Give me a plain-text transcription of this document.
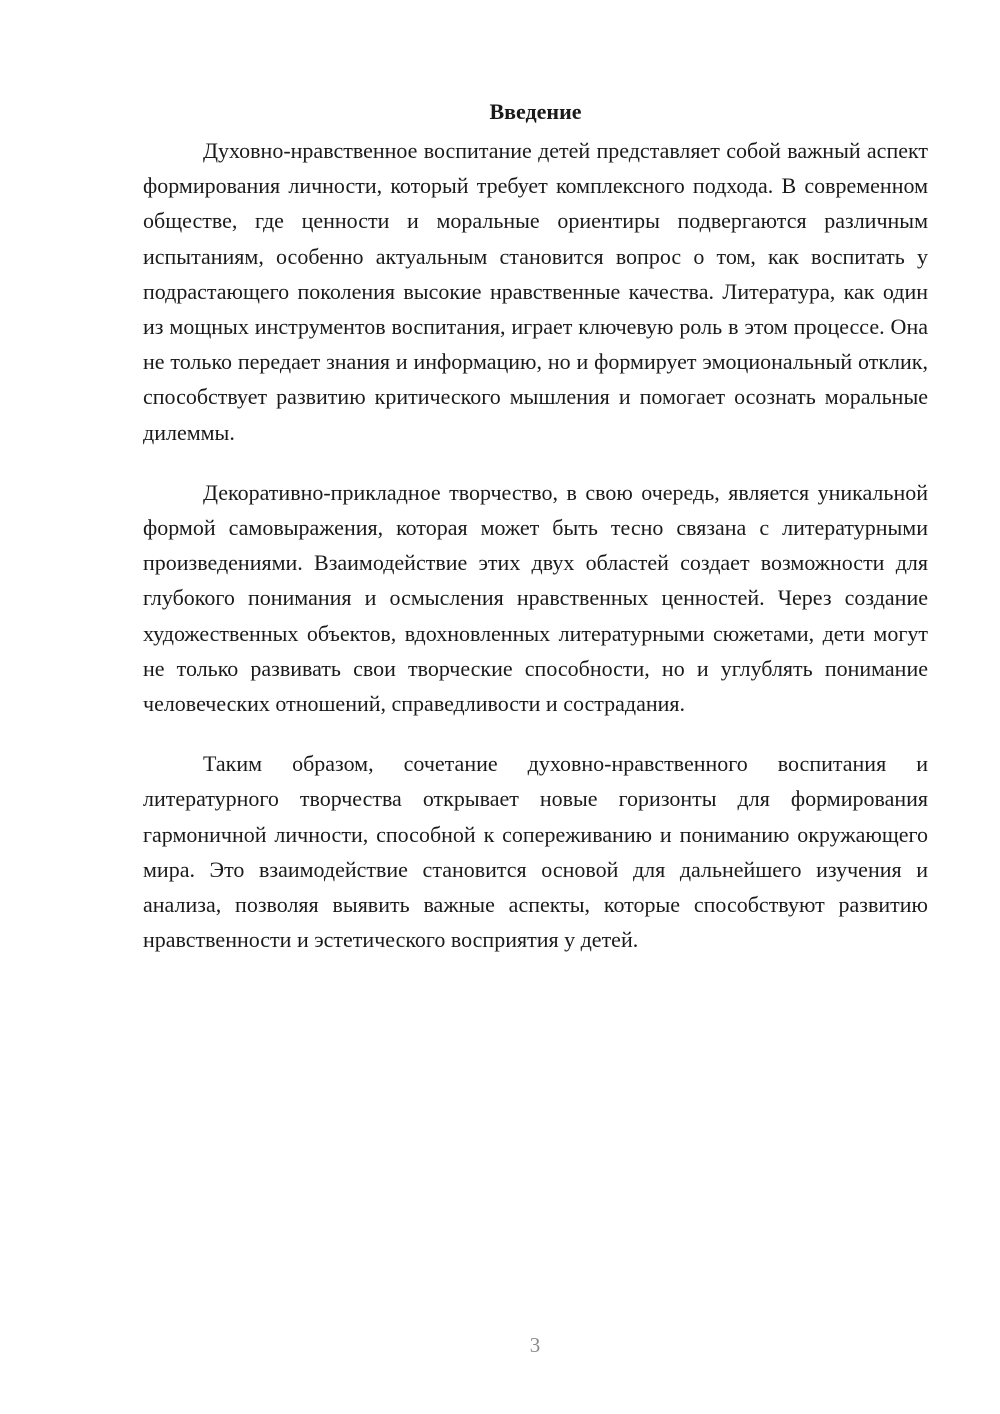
Введение

Духовно-нравственное воспитание детей представляет собой важный аспект формирования личности, который требует комплексного подхода. В современном обществе, где ценности и моральные ориентиры подвергаются различным испытаниям, особенно актуальным становится вопрос о том, как воспитать у подрастающего поколения высокие нравственные качества. Литература, как один из мощных инструментов воспитания, играет ключевую роль в этом процессе. Она не только передает знания и информацию, но и формирует эмоциональный отклик, способствует развитию критического мышления и помогает осознать моральные дилеммы.

Декоративно-прикладное творчество, в свою очередь, является уникальной формой самовыражения, которая может быть тесно связана с литературными произведениями. Взаимодействие этих двух областей создает возможности для глубокого понимания и осмысления нравственных ценностей. Через создание художественных объектов, вдохновленных литературными сюжетами, дети могут не только развивать свои творческие способности, но и углублять понимание человеческих отношений, справедливости и сострадания.

Таким образом, сочетание духовно-нравственного воспитания и литературного творчества открывает новые горизонты для формирования гармоничной личности, способной к сопереживанию и пониманию окружающего мира. Это взаимодействие становится основой для дальнейшего изучения и анализа, позволяя выявить важные аспекты, которые способствуют развитию нравственности и эстетического восприятия у детей.

3
